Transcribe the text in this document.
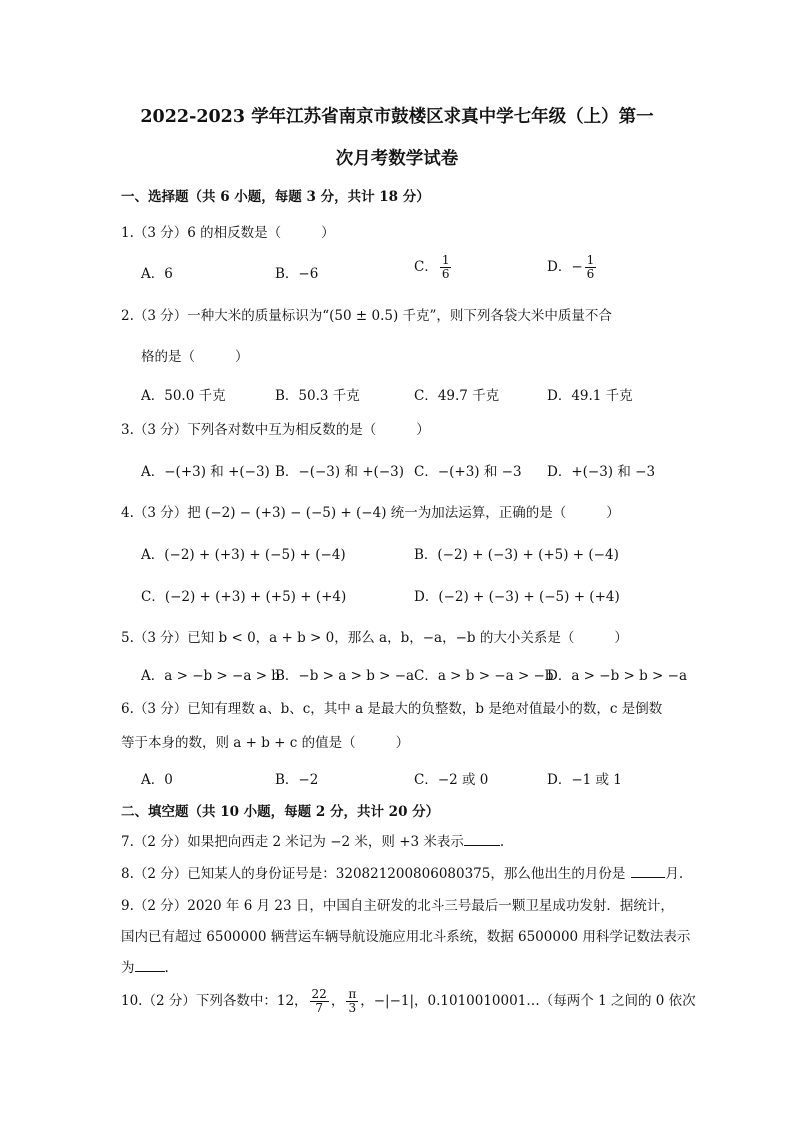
2022-2023 学年江苏省南京市鼓楼区求真中学七年级（上）第一
次月考数学试卷
一、选择题（共 6 小题，每题 3 分，共计 18 分）
1.（3 分）6 的相反数是（	）
A．6	B．−6	C． $\frac{1}{6}$	D．− $\frac{1}{6}$
2.（3 分）一种大米的质量标识为“(50 ± 0.5) 千克”，则下列各袋大米中质量不合
格的是（	）
A．50.0 千克	B．50.3 千克	C．49.7 千克	D．49.1 千克
3.（3 分）下列各对数中互为相反数的是（	）
A．−(+3) 和 +(−3) B．−(−3) 和 +(−3) C．−(+3) 和 −3 D．+(−3) 和 −3
4.（3 分）把 (−2) − (+3) − (−5) + (−4) 统一为加法运算，正确的是（	）
A．(−2) + (+3) + (−5) + (−4)	B．(−2) + (−3) + (+5) + (−4)
C．(−2) + (+3) + (+5) + (+4)	D．(−2) + (−3) + (−5) + (+4)
5.（3 分）已知 b < 0，a + b > 0，那么 a，b，−a，−b 的大小关系是（	）
A．a > −b > −a > b
B．−b > a > b > −a C．a > b > −a > −b
D．a > −b > b > −a
6.（3 分）已知有理数 a、b、c，其中 a 是最大的负整数，b 是绝对值最小的数，c 是倒数
等于本身的数，则 a + b + c 的值是（	）
A．0	B．−2	C．−2 或 0	D．−1 或 1
二、填空题（共 10 小题，每题 2 分，共计 20 分）
7.（2 分）如果把向西走 2 米记为 −2 米，则 +3 米表示	.
8.（2 分）已知某人的身份证号是：320821200806080375，那么他出生的月份是	月.
9.（2 分）2020 年 6 月 23 日，中国自主研发的北斗三号最后一颗卫星成功发射．据统计，
国内已有超过 6500000 辆营运车辆导航设施应用北斗系统，数据 6500000 用科学记数法表示
为 .
10.（2 分）下列各数中：12， $\frac{22}{7}$ ， $\frac{\pi}{3}$ ，−|−1|，0.1010010001…（每两个 1 之间的 0 依次
